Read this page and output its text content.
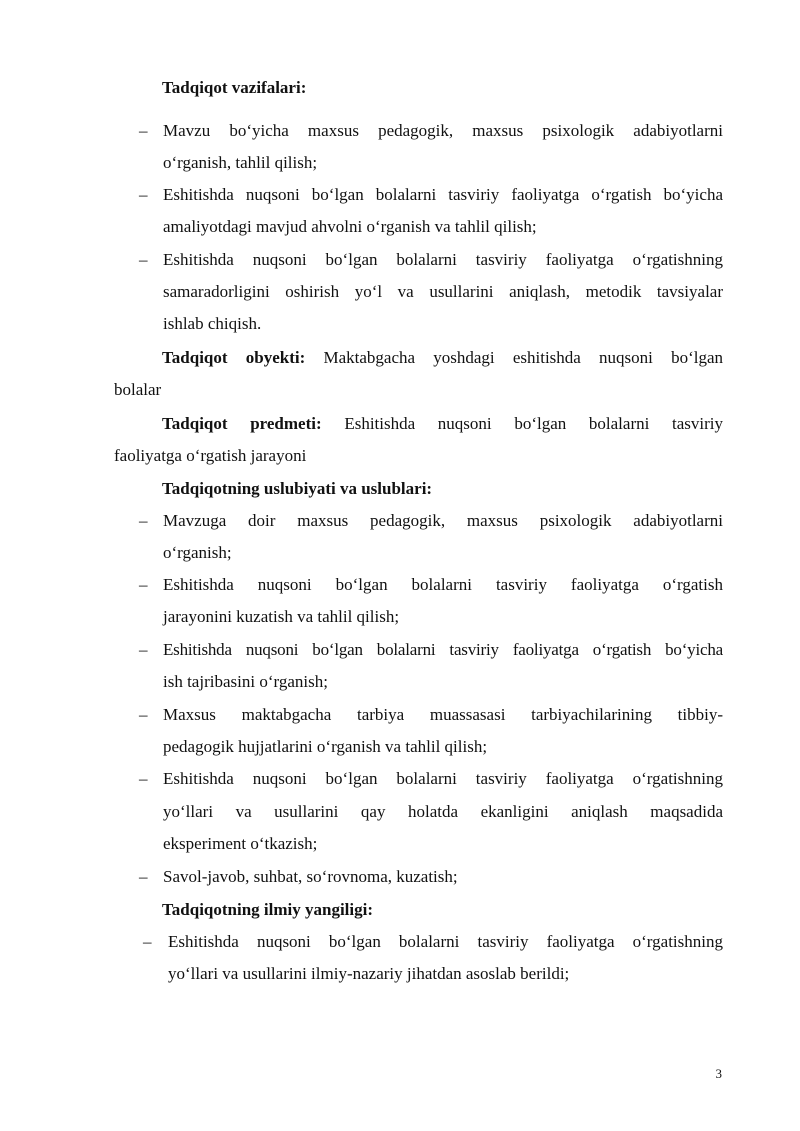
Tadqiqot vazifalari:
– Mavzu bo‘yicha maxsus pedagogik, maxsus psixologik adabiyotlarni
o‘rganish, tahlil qilish;
– Eshitishda nuqsoni bo‘lgan bolalarni tasviriy faoliyatga o‘rgatish bo‘yicha
amaliyotdagi mavjud ahvolni o‘rganish va tahlil qilish;
– Eshitishda nuqsoni bo‘lgan bolalarni tasviriy faoliyatga o‘rgatishning
samaradorligini oshirish yo‘l va usullarini aniqlash, metodik tavsiyalar
ishlab chiqish.
Tadqiqot obyekti: Maktabgacha yoshdagi eshitishda nuqsoni bo‘lgan
bolalar
Tadqiqot predmeti: Eshitishda nuqsoni bo‘lgan bolalarni tasviriy
faoliyatga o‘rgatish jarayoni
Tadqiqotning uslubiyati va uslublari:
– Mavzuga doir maxsus pedagogik, maxsus psixologik adabiyotlarni
o‘rganish;
– Eshitishda nuqsoni bo‘lgan bolalarni tasviriy faoliyatga o‘rgatish
jarayonini kuzatish va tahlil qilish;
– Eshitishda nuqsoni bo‘lgan bolalarni tasviriy faoliyatga o‘rgatish bo‘yicha
ish tajribasini o‘rganish;
– Maxsus maktabgacha tarbiya muassasasi tarbiyachilarining tibbiy-
pedagogik hujjatlarini o‘rganish va tahlil qilish;
– Eshitishda nuqsoni bo‘lgan bolalarni tasviriy faoliyatga o‘rgatishning
yo‘llari va usullarini qay holatda ekanligini aniqlash maqsadida
eksperiment o‘tkazish;
– Savol-javob, suhbat, so‘rovnoma, kuzatish;
Tadqiqotning ilmiy yangiligi:
– Eshitishda nuqsoni bo‘lgan bolalarni tasviriy faoliyatga o‘rgatishning
yo‘llari va usullarini ilmiy-nazariy jihatdan asoslab berildi;
3
